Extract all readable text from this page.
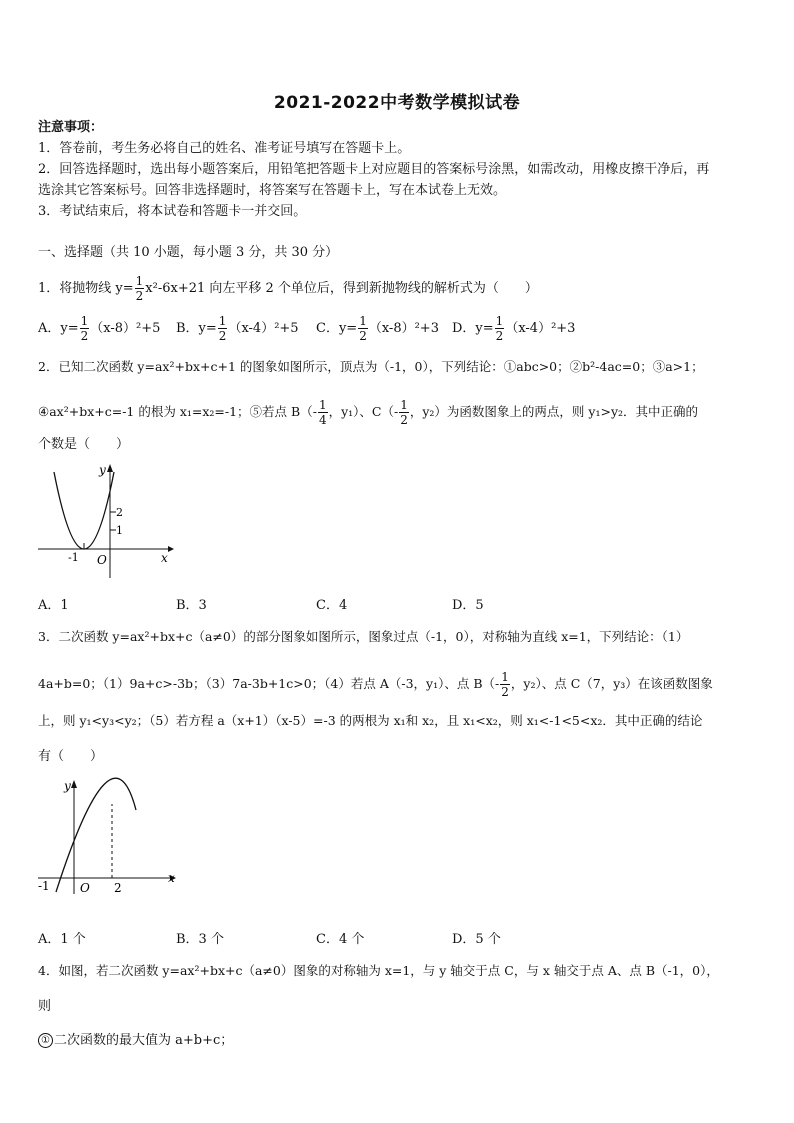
2021-2022中考数学模拟试卷
注意事项：
1．答卷前，考生务必将自己的姓名、准考证号填写在答题卡上。
2．回答选择题时，选出每小题答案后，用铅笔把答题卡上对应题目的答案标号涂黑，如需改动，用橡皮擦干净后，再
选涂其它答案标号。回答非选择题时，将答案写在答题卡上，写在本试卷上无效。
3．考试结束后，将本试卷和答题卡一并交回。
一、选择题（共 10 小题，每小题 3 分，共 30 分）
1．将抛物线 $y= \frac{1}{2} x^2-6x+21$ 向左平移 2 个单位后，得到新抛物线的解析式为（　　）
A．$y= \frac{1}{2} (x-8)^2+5$ B．$y= \frac{1}{2} (x-4)^2+5$ C．$y= \frac{1}{2} (x-8)^2+3$ D．$y= \frac{1}{2} (x-4)^2+3$
2．已知二次函数 y=ax²+bx+c+1 的图象如图所示，顶点为（-1，0），下列结论：①abc>0；②b²-4ac=0；③a>1；
④ax²+bx+c=-1 的根为 x₁=x₂=-1；⑤若点 $B(- \frac{1}{4}$ ，y₁）、$C(- \frac{1}{2}$ ，y₂）为函数图象上的两点，则 y₁>y₂．其中正确的
个数是（　　）
y
x
O
2
1
-1
A．1	B．3	C．4	D．5
3．二次函数 y=ax²+bx+c（a≠0）的部分图象如图所示，图象过点（-1，0），对称轴为直线 x=1，下列结论：（1）
4a+b=0；（1）9a+c>-3b；（3）7a-3b+1c>0；（4）若点 A（-3，y₁）、点 $B(- \frac{1}{2}$ ，y₂）、点 C（7，y₃）在该函数图象
上，则 y₁<y₃<y₂；（5）若方程 a（x+1）（x-5）=-3 的两根为 x₁和 x₂，且 x₁<x₂，则 x₁<-1<5<x₂．其中正确的结论
有（　　）
y
x
O 2
-1
A．1 个	B．3 个	C．4 个	D．5 个
4．如图，若二次函数 y=ax²+bx+c（a≠0）图象的对称轴为 x=1，与 y 轴交于点 C，与 x 轴交于点 A、点 B（-1，0），
则
① 二次函数的最大值为 a+b+c；
